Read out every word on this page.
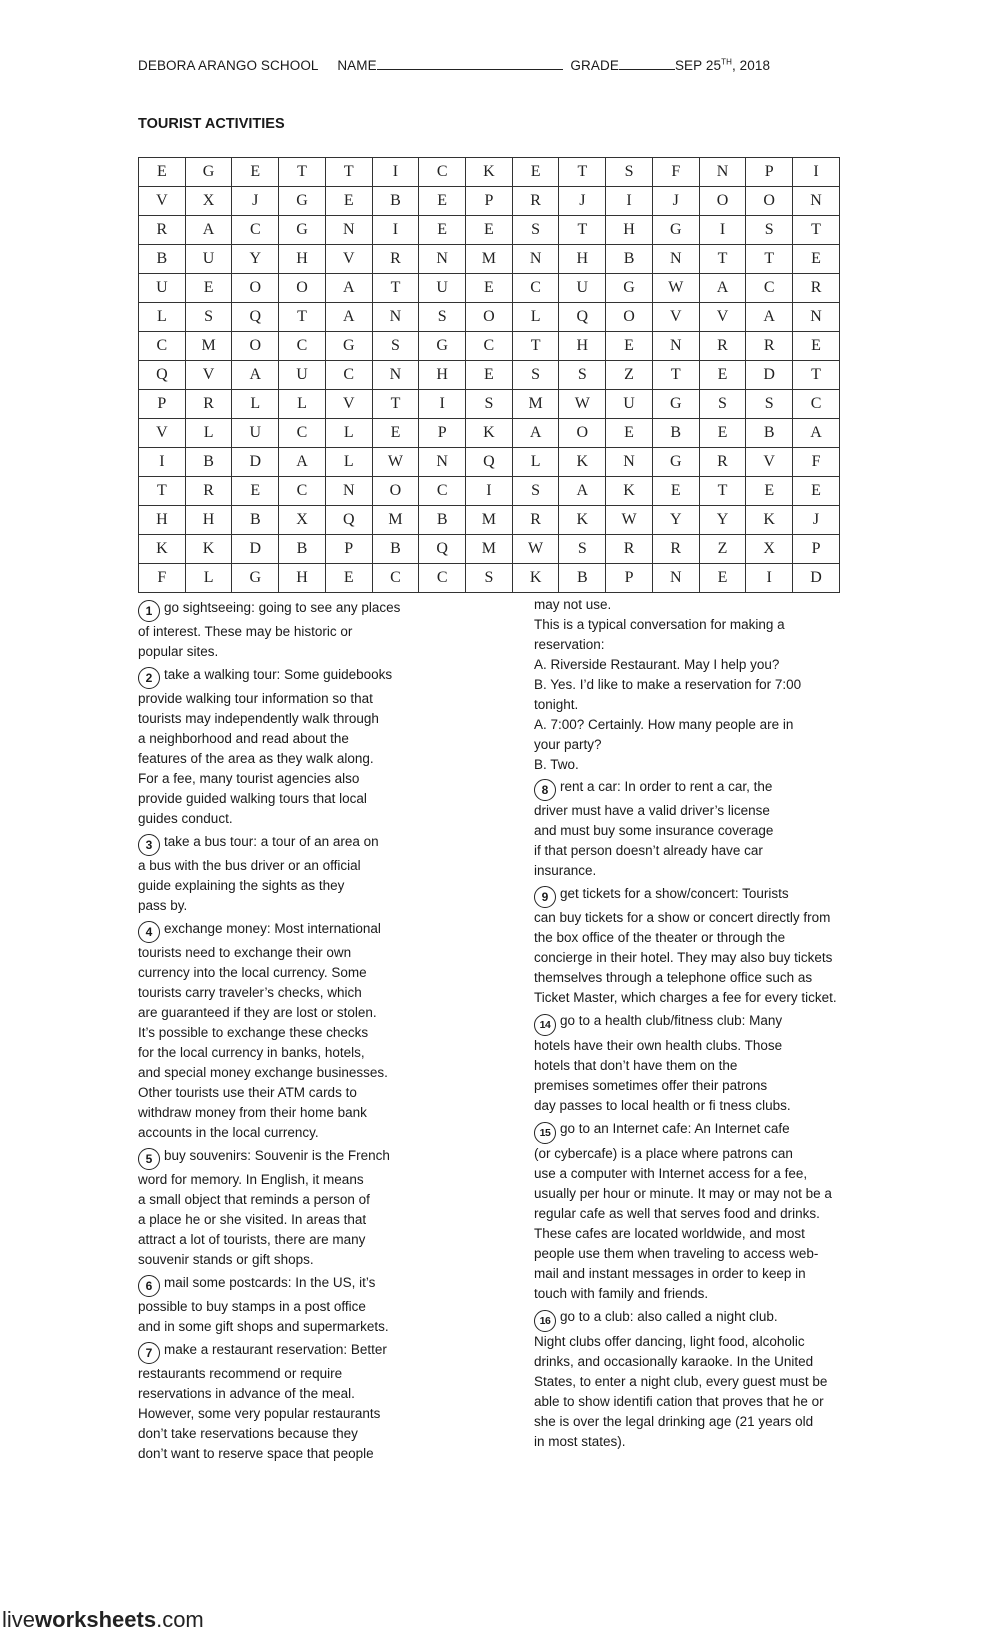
DEBORA ARANGO SCHOOL NAME	GRADE	SEP 25TH, 2018
TOURIST ACTIVITIES
E	G	E	T	T	I	C	K	E	T	S	F	N	P	I
V	X	J	G	E	B	E	P	R	J	I	J	O	O	N
R	A	C	G	N	I	E	E	S	T	H	G	I	S	T
B	U	Y	H	V	R	N	M	N	H	B	N	T	T	E
U	E	O	O	A	T	U	E	C	U	G	W	A	C	R
L	S	Q	T	A	N	S	O	L	Q	O	V	V	A	N
C	M	O	C	G	S	G	C	T	H	E	N	R	R	E
Q	V	A	U	C	N	H	E	S	S	Z	T	E	D	T
P	R	L	L	V	T	I	S	M	W	U	G	S	S	C
V	L	U	C	L	E	P	K	A	O	E	B	E	B	A
I	B	D	A	L	W	N	Q	L	K	N	G	R	V	F
T	R	E	C	N	O	C	I	S	A	K	E	T	E	E
H	H	B	X	Q	M	B	M	R	K	W	Y	Y	K	J
K	K	D	B	P	B	Q	M	W	S	R	R	Z	X	P
F	L	G	H	E	C	C	S	K	B	P	N	E	I	D

1 go sightseeing: going to see any places

of interest. These may be historic or

popular sites.

2 take a walking tour: Some guidebooks

provide walking tour information so that

tourists may independently walk through

a neighborhood and read about the

features of the area as they walk along.

For a fee, many tourist agencies also

provide guided walking tours that local

guides conduct.

3 take a bus tour: a tour of an area on

a bus with the bus driver or an official

guide explaining the sights as they

pass by.

4 exchange money: Most international

tourists need to exchange their own

currency into the local currency. Some

tourists carry traveler’s checks, which

are guaranteed if they are lost or stolen.

It’s possible to exchange these checks

for the local currency in banks, hotels,

and special money exchange businesses.

Other tourists use their ATM cards to

withdraw money from their home bank

accounts in the local currency.

5 buy souvenirs: Souvenir is the French

word for memory. In English, it means

a small object that reminds a person of

a place he or she visited. In areas that

attract a lot of tourists, there are many

souvenir stands or gift shops.

6 mail some postcards: In the US, it’s

possible to buy stamps in a post office

and in some gift shops and supermarkets.

7 make a restaurant reservation: Better

restaurants recommend or require

reservations in advance of the meal.

However, some very popular restaurants

don’t take reservations because they

don’t want to reserve space that people

may not use.

This is a typical conversation for making a

reservation:

A. Riverside Restaurant. May I help you?

B. Yes. I’d like to make a reservation for 7:00

tonight.

A. 7:00? Certainly. How many people are in

your party?

B. Two.

8 rent a car: In order to rent a car, the

driver must have a valid driver’s license

and must buy some insurance coverage

if that person doesn’t already have car

insurance.

9 get tickets for a show/concert: Tourists

can buy tickets for a show or concert directly from

the box office of the theater or through the

concierge in their hotel. They may also buy tickets

themselves through a telephone office such as

Ticket Master, which charges a fee for every ticket.

14 go to a health club/fitness club: Many

hotels have their own health clubs. Those

hotels that don’t have them on the

premises sometimes offer their patrons

day passes to local health or fi tness clubs.

15 go to an Internet cafe: An Internet cafe

(or cybercafe) is a place where patrons can

use a computer with Internet access for a fee,

usually per hour or minute. It may or may not be a

regular cafe as well that serves food and drinks.

These cafes are located worldwide, and most

people use them when traveling to access web-

mail and instant messages in order to keep in

touch with family and friends.

16 go to a club: also called a night club.

Night clubs offer dancing, light food, alcoholic

drinks, and occasionally karaoke. In the United

States, to enter a night club, every guest must be

able to show identifi cation that proves that he or

she is over the legal drinking age (21 years old

in most states).

liveworksheets.com
